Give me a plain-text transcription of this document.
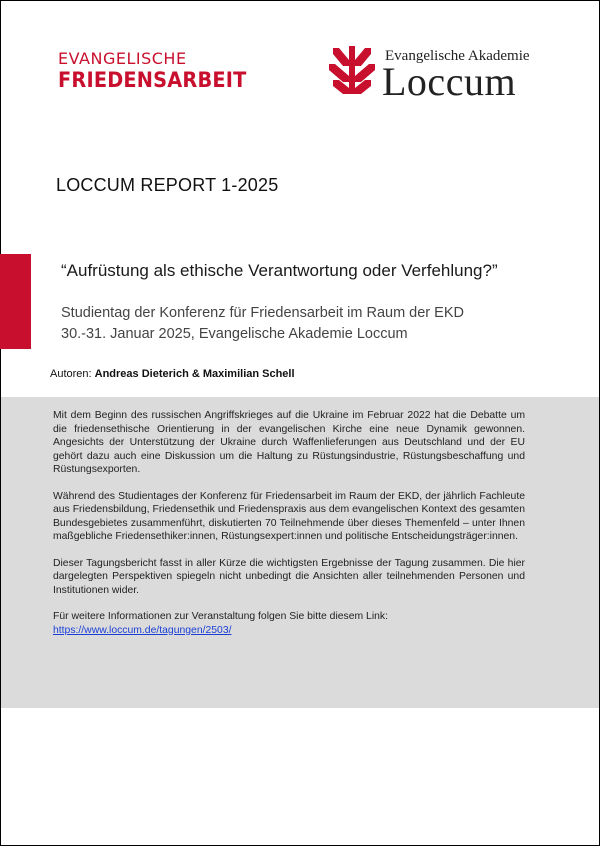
EVANGELISCHE
FRIEDENSARBEIT
Evangelische Akademie
Loccum
LOCCUM REPORT 1-2025
“Aufrüstung als ethische Verantwortung oder Verfehlung?”
Studientag der Konferenz für Friedensarbeit im Raum der EKD
30.-31. Januar 2025, Evangelische Akademie Loccum
Autoren: Andreas Dieterich & Maximilian Schell

Mit dem Beginn des russischen Angriffskrieges auf die Ukraine im Februar 2022 hat die Debatte um die friedensethische Orientierung in der evangelischen Kirche eine neue Dynamik gewonnen. Angesichts der Unterstützung der Ukraine durch Waffenlieferungen aus Deutschland und der EU gehört dazu auch eine Diskussion um die Haltung zu Rüstungsindustrie, Rüstungsbeschaffung und Rüstungsexporten.

Während des Studientages der Konferenz für Friedensarbeit im Raum der EKD, der jährlich Fachleute aus Friedensbildung, Friedensethik und Friedenspraxis aus dem evangelischen Kontext des gesamten Bundesgebietes zusammenführt, diskutierten 70 Teilnehmende über dieses Themenfeld – unter Ihnen maßgebliche Friedensethiker:innen, Rüstungsexpert:innen und politische Entscheidungsträger:innen.

Dieser Tagungsbericht fasst in aller Kürze die wichtigsten Ergebnisse der Tagung zusammen. Die hier dargelegten Perspektiven spiegeln nicht unbedingt die Ansichten aller teilnehmenden Personen und Institutionen wider.

Für weitere Informationen zur Veranstaltung folgen Sie bitte diesem Link:
https://www.loccum.de/tagungen/2503/
